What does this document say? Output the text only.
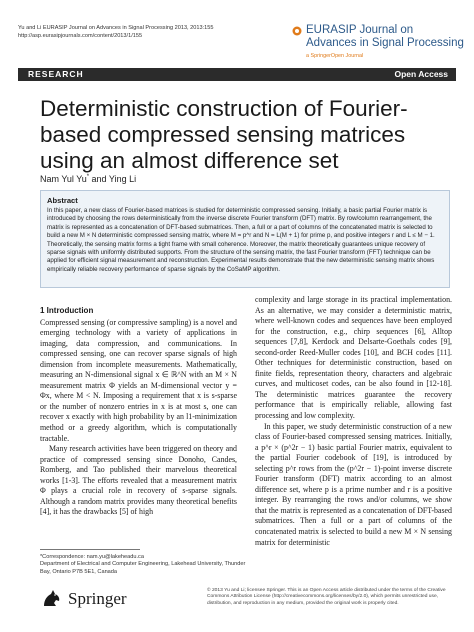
Yu and Li EURASIP Journal on Advances in Signal Processing 2013, 2013:155
http://asp.eurasipjournals.com/content/2013/1/155	EURASIP Journal on
Advances in Signal Processing
a SpringerOpen Journal
RESEARCH	Open Access
Deterministic construction of Fourier-based compressed sensing matrices using an almost difference set
Nam Yul Yu* and Ying Li
Abstract
In this paper, a new class of Fourier-based matrices is studied for deterministic compressed sensing. Initially, a basic partial Fourier matrix is introduced by choosing the rows deterministically from the inverse discrete Fourier transform (DFT) matrix. By row/column rearrangement, the matrix is represented as a concatenation of DFT-based submatrices. Then, a full or a part of columns of the concatenated matrix is selected to build a new M × N deterministic compressed sensing matrix, where M = p^r and N = L(M + 1) for prime p, and positive integers r and L ≤ M − 1. Theoretically, the sensing matrix forms a tight frame with small coherence. Moreover, the matrix theoretically guarantees unique recovery of sparse signals with uniformly distributed supports. From the structure of the sensing matrix, the fast Fourier transform (FFT) technique can be applied for efficient signal measurement and reconstruction. Experimental results demonstrate that the new deterministic sensing matrix shows empirically reliable recovery performance of sparse signals by the CoSaMP algorithm.

1 Introduction

Compressed sensing (or compressive sampling) is a novel and emerging technology with a variety of applications in imaging, data compression, and communications. In compressed sensing, one can recover sparse signals of high dimension from incomplete measurements. Mathematically, measuring an N-dimensional signal x ∈ ℝ^N with an M × N measurement matrix Φ yields an M-dimensional vector y = Φx, where M < N. Imposing a requirement that x is s-sparse or the number of nonzero entries in x is at most s, one can recover x exactly with high probability by an l1-minimization method or a greedy algorithm, which is computationally tractable.

Many research activities have been triggered on theory and practice of compressed sensing since Donoho, Candes, Romberg, and Tao published their marvelous theoretical works [1-3]. The efforts revealed that a measurement matrix Φ plays a crucial role in recovery of s-sparse signals. Although a random matrix provides many theoretical benefits [4], it has the drawbacks [5] of high

complexity and large storage in its practical implementation. As an alternative, we may consider a deterministic matrix, where well-known codes and sequences have been employed for the construction, e.g., chirp sequences [6], Alltop sequences [7,8], Kerdock and Delsarte-Goethals codes [9], second-order Reed-Muller codes [10], and BCH codes [11]. Other techniques for deterministic construction, based on finite fields, representation theory, characters and algebraic curves, and multicoset codes, can be also found in [12-18]. The deterministic matrices guarantee the recovery performance that is empirically reliable, allowing fast processing and low complexity.

In this paper, we study deterministic construction of a new class of Fourier-based compressed sensing matrices. Initially, a p^r × (p^2r − 1) basic partial Fourier matrix, equivalent to the partial Fourier codebook of [19], is introduced by selecting p^r rows from the (p^2r − 1)-point inverse discrete Fourier transform (DFT) matrix according to an almost difference set, where p is a prime number and r is a positive integer. By rearranging the rows and/or columns, we show that the matrix is represented as a concatenation of DFT-based submatrices. Then a full or a part of columns of the concatenated matrix is selected to build a new M × N sensing matrix for deterministic

*Correspondence: nam.yu@lakeheadu.ca

Department of Electrical and Computer Engineering, Lakehead University, Thunder Bay, Ontario P7B 5E1, Canada

Springer	© 2013 Yu and Li; licensee Springer. This is an Open Access article distributed under the terms of the Creative Commons Attribution License (http://creativecommons.org/licenses/by/2.0), which permits unrestricted use, distribution, and reproduction in any medium, provided the original work is properly cited.
